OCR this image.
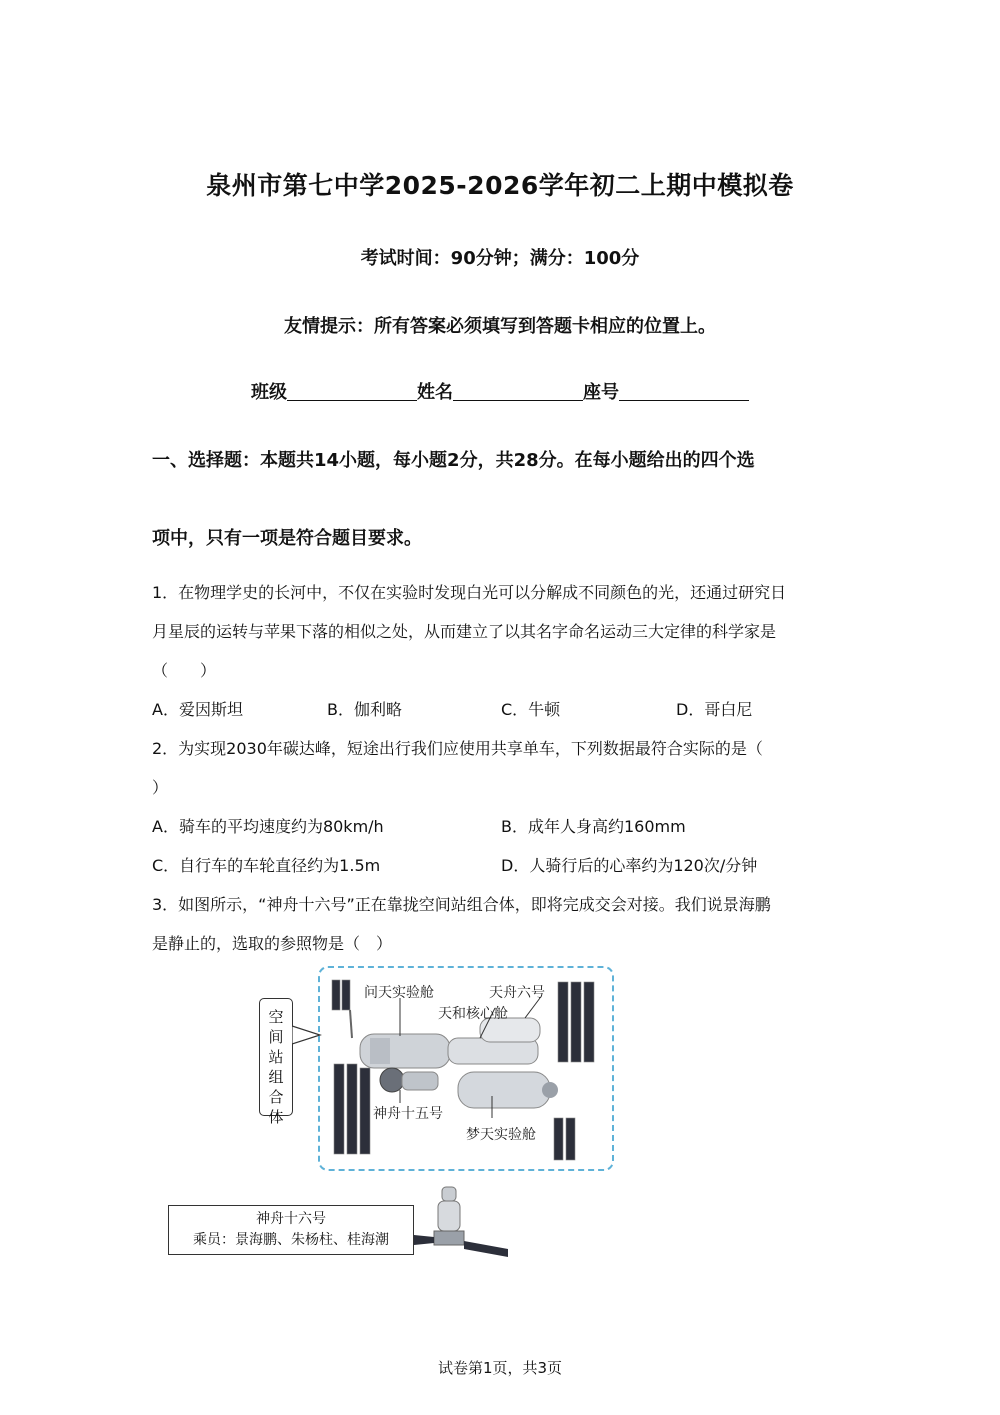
泉州市第七中学2025-2026学年初二上期中模拟卷
考试时间：90分钟；满分：100分
友情提示：所有答案必须填写到答题卡相应的位置上。
班级	姓名	座号
一、选择题：本题共14小题，每小题2分，共28分。在每小题给出的四个选
项中，只有一项是符合题目要求。
1．在物理学史的长河中，不仅在实验时发现白光可以分解成不同颜色的光，还通过研究日
月星辰的运转与苹果下落的相似之处，从而建立了以其名字命名运动三大定律的科学家是
（　　）
A．爱因斯坦	B．伽利略	C．牛顿	D．哥白尼
2．为实现2030年碳达峰，短途出行我们应使用共享单车，下列数据最符合实际的是（
）
A．骑车的平均速度约为80km/h	B．成年人身高约160mm
C．自行车的车轮直径约为1.5m	D．人骑行后的心率约为120次/分钟
3．如图所示，“神舟十六号”正在靠拢空间站组合体，即将完成交会对接。我们说景海鹏
是静止的，选取的参照物是（　）
空
间
站
组
合
体
问天实验舱	天舟六号
天和核心舱
神舟十五号
梦天实验舱
神舟十六号
乘员：景海鹏、朱杨柱、桂海潮
试卷第1页，共3页
